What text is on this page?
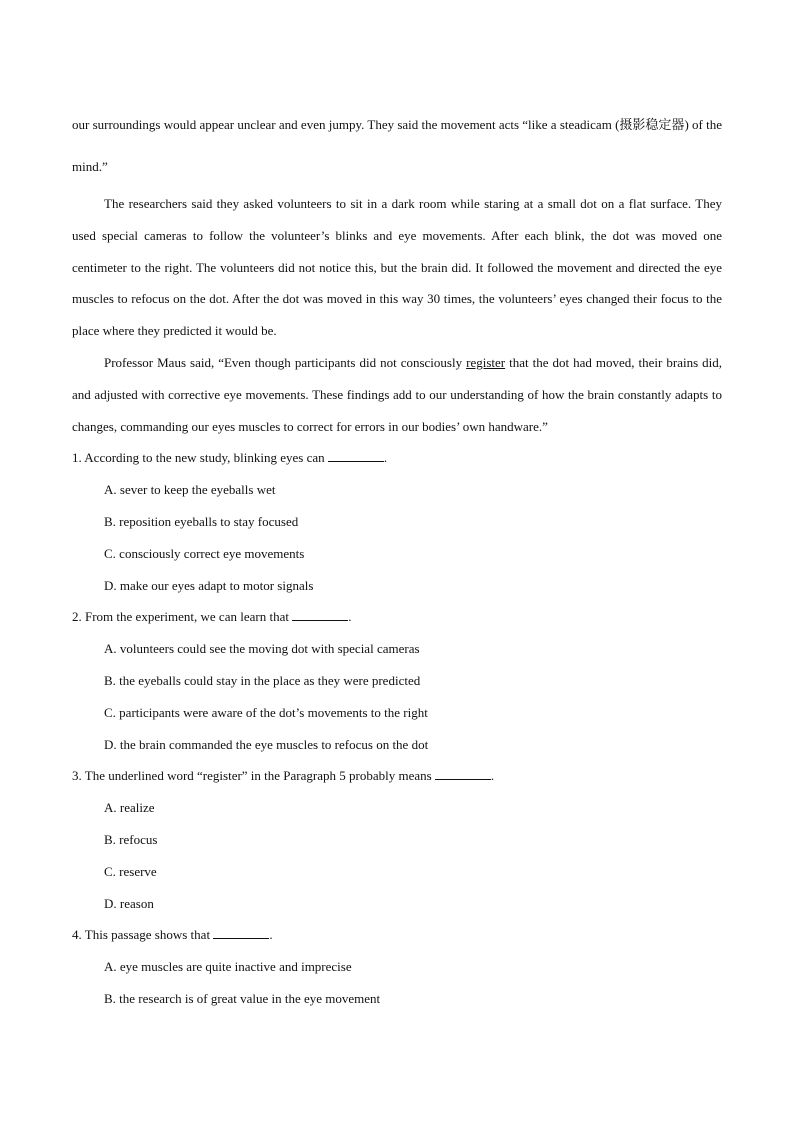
our surroundings would appear unclear and even jumpy. They said the movement acts “like a steadicam (摄影稳定器) of the mind.”

The researchers said they asked volunteers to sit in a dark room while staring at a small dot on a flat surface. They used special cameras to follow the volunteer’s blinks and eye movements. After each blink, the dot was moved one centimeter to the right. The volunteers did not notice this, but the brain did. It followed the movement and directed the eye muscles to refocus on the dot. After the dot was moved in this way 30 times, the volunteers’ eyes changed their focus to the place where they predicted it would be.

Professor Maus said, “Even though participants did not consciously register that the dot had moved, their brains did, and adjusted with corrective eye movements. These findings add to our understanding of how the brain constantly adapts to changes, commanding our eyes muscles to correct for errors in our bodies’ own handware.”

1. According to the new study, blinking eyes can	.

A. sever to keep the eyeballs wet

B. reposition eyeballs to stay focused

C. consciously correct eye movements

D. make our eyes adapt to motor signals

2. From the experiment, we can learn that	.

A. volunteers could see the moving dot with special cameras

B. the eyeballs could stay in the place as they were predicted

C. participants were aware of the dot’s movements to the right

D. the brain commanded the eye muscles to refocus on the dot

3. The underlined word “register” in the Paragraph 5 probably means	.

A. realize

B. refocus

C. reserve

D. reason

4. This passage shows that	.

A. eye muscles are quite inactive and imprecise

B. the research is of great value in the eye movement
